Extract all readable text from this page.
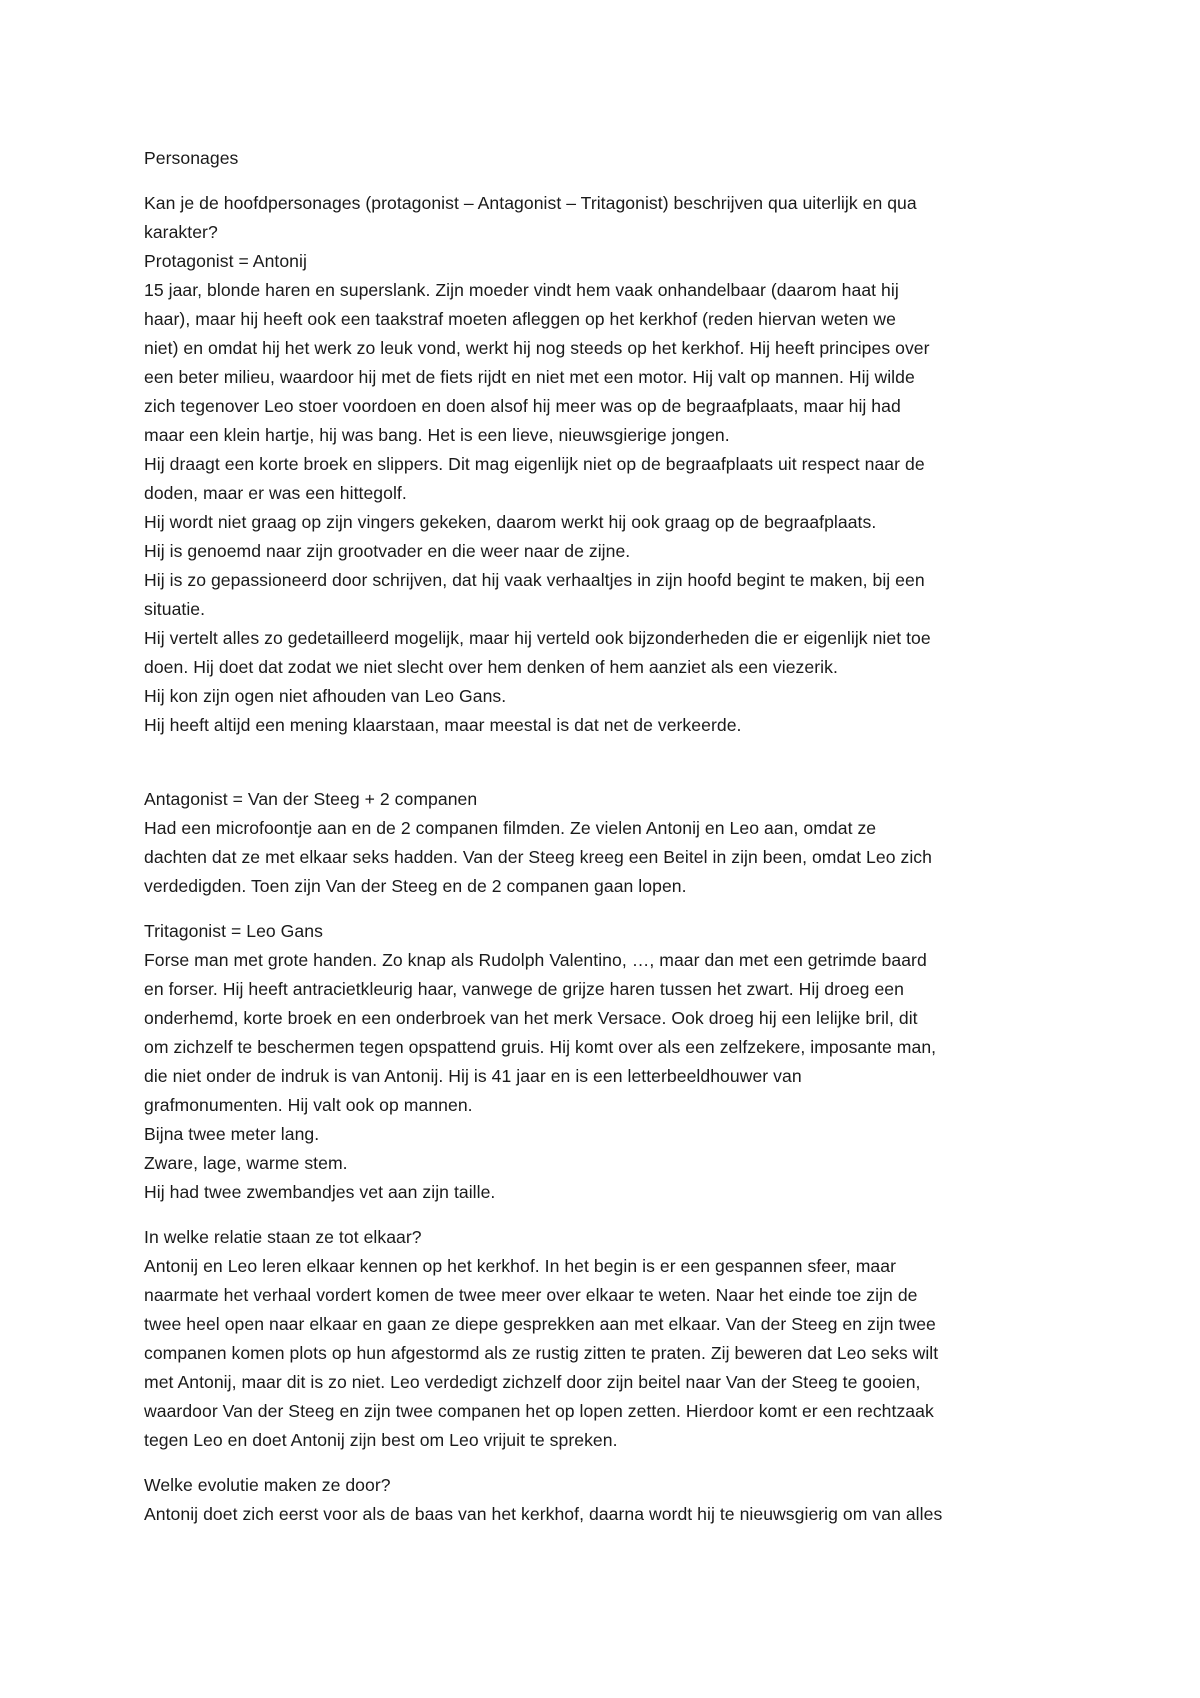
Personages
Kan je de hoofdpersonages (protagonist – Antagonist – Tritagonist) beschrijven qua uiterlijk en qua
karakter?
Protagonist = Antonij
15 jaar, blonde haren en superslank. Zijn moeder vindt hem vaak onhandelbaar (daarom haat hij
haar), maar hij heeft ook een taakstraf moeten afleggen op het kerkhof (reden hiervan weten we
niet) en omdat hij het werk zo leuk vond, werkt hij nog steeds op het kerkhof. Hij heeft principes over
een beter milieu, waardoor hij met de fiets rijdt en niet met een motor. Hij valt op mannen. Hij wilde
zich tegenover Leo stoer voordoen en doen alsof hij meer was op de begraafplaats, maar hij had
maar een klein hartje, hij was bang. Het is een lieve, nieuwsgierige jongen.
Hij draagt een korte broek en slippers. Dit mag eigenlijk niet op de begraafplaats uit respect naar de
doden, maar er was een hittegolf.
Hij wordt niet graag op zijn vingers gekeken, daarom werkt hij ook graag op de begraafplaats.
Hij is genoemd naar zijn grootvader en die weer naar de zijne.
Hij is zo gepassioneerd door schrijven, dat hij vaak verhaaltjes in zijn hoofd begint te maken, bij een
situatie.
Hij vertelt alles zo gedetailleerd mogelijk, maar hij verteld ook bijzonderheden die er eigenlijk niet toe
doen. Hij doet dat zodat we niet slecht over hem denken of hem aanziet als een viezerik.
Hij kon zijn ogen niet afhouden van Leo Gans.
Hij heeft altijd een mening klaarstaan, maar meestal is dat net de verkeerde.
Antagonist = Van der Steeg + 2 companen
Had een microfoontje aan en de 2 companen filmden. Ze vielen Antonij en Leo aan, omdat ze
dachten dat ze met elkaar seks hadden. Van der Steeg kreeg een Beitel in zijn been, omdat Leo zich
verdedigden. Toen zijn Van der Steeg en de 2 companen gaan lopen.
Tritagonist = Leo Gans
Forse man met grote handen. Zo knap als Rudolph Valentino, …, maar dan met een getrimde baard
en forser. Hij heeft antracietkleurig haar, vanwege de grijze haren tussen het zwart. Hij droeg een
onderhemd, korte broek en een onderbroek van het merk Versace. Ook droeg hij een lelijke bril, dit
om zichzelf te beschermen tegen opspattend gruis. Hij komt over als een zelfzekere, imposante man,
die niet onder de indruk is van Antonij. Hij is 41 jaar en is een letterbeeldhouwer van
grafmonumenten. Hij valt ook op mannen.
Bijna twee meter lang.
Zware, lage, warme stem.
Hij had twee zwembandjes vet aan zijn taille.
In welke relatie staan ze tot elkaar?
Antonij en Leo leren elkaar kennen op het kerkhof. In het begin is er een gespannen sfeer, maar
naarmate het verhaal vordert komen de twee meer over elkaar te weten. Naar het einde toe zijn de
twee heel open naar elkaar en gaan ze diepe gesprekken aan met elkaar. Van der Steeg en zijn twee
companen komen plots op hun afgestormd als ze rustig zitten te praten. Zij beweren dat Leo seks wilt
met Antonij, maar dit is zo niet. Leo verdedigt zichzelf door zijn beitel naar Van der Steeg te gooien,
waardoor Van der Steeg en zijn twee companen het op lopen zetten. Hierdoor komt er een rechtzaak
tegen Leo en doet Antonij zijn best om Leo vrijuit te spreken.
Welke evolutie maken ze door?
Antonij doet zich eerst voor als de baas van het kerkhof, daarna wordt hij te nieuwsgierig om van alles
